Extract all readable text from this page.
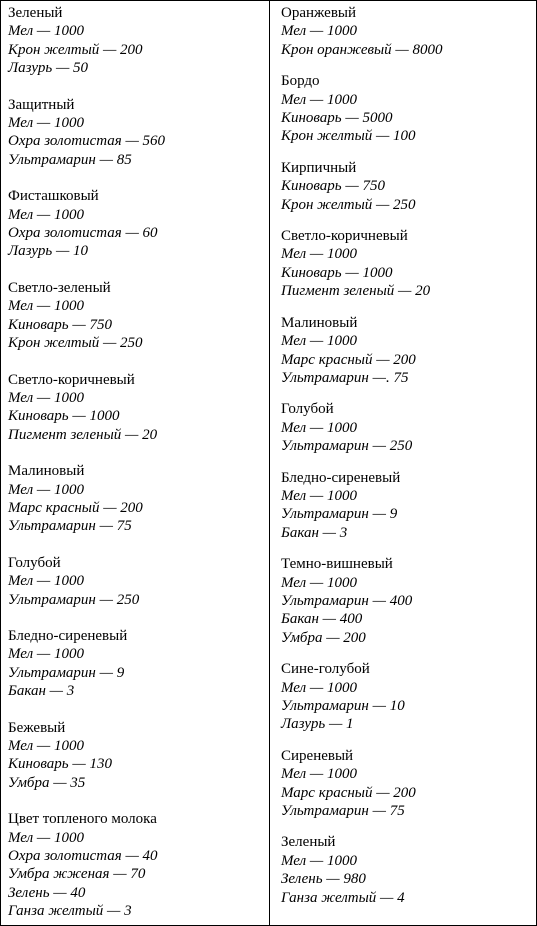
Зеленый
Мел — 1000
Крон желтый — 200
Лазурь — 50
Защитный
Мел — 1000
Охра золотистая — 560
Ультрамарин — 85
Фисташковый
Мел — 1000
Охра золотистая — 60
Лазурь — 10
Светло-зеленый
Мел — 1000
Киноварь — 750
Крон желтый — 250
Светло-коричневый
Мел — 1000
Киноварь — 1000
Пигмент зеленый — 20
Малиновый
Мел — 1000
Марс красный — 200
Ультрамарин — 75
Голубой
Мел — 1000
Ультрамарин — 250
Бледно-сиреневый
Мел — 1000
Ультрамарин — 9
Бакан — 3
Бежевый
Мел — 1000
Киноварь — 130
Умбра — 35
Цвет топленого молока
Мел — 1000
Охра золотистая — 40
Умбра жженая — 70
Зелень — 40
Ганза желтый — 3
Оранжевый
Мел — 1000
Крон оранжевый — 8000
Бордо
Мел — 1000
Киноварь — 5000
Крон желтый — 100
Кирпичный
Киноварь — 750
Крон желтый — 250
Светло-коричневый
Мел — 1000
Киноварь — 1000
Пигмент зеленый — 20
Малиновый
Мел — 1000
Марс красный — 200
Ультрамарин —. 75
Голубой
Мел — 1000
Ультрамарин — 250
Бледно-сиреневый
Мел — 1000
Ультрамарин — 9
Бакан — 3
Темно-вишневый
Мел — 1000
Ультрамарин — 400
Бакан — 400
Умбра — 200
Сине-голубой
Мел — 1000
Ультрамарин — 10
Лазурь — 1
Сиреневый
Мел — 1000
Марс красный — 200
Ультрамарин — 75
Зеленый
Мел — 1000
Зелень — 980
Ганза желтый — 4
